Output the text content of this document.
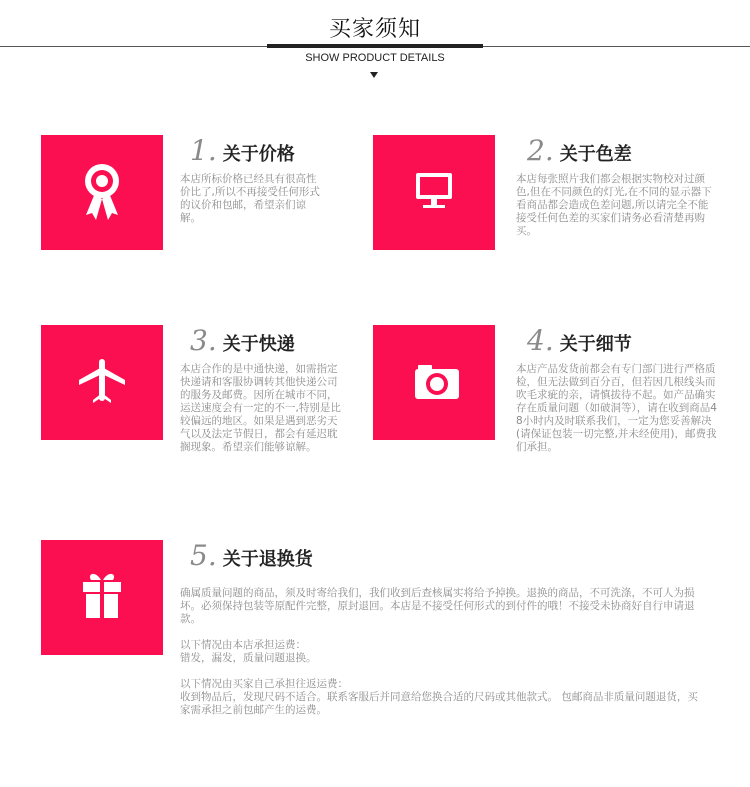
买家须知
SHOW PRODUCT DETAILS
1. 关于价格
本店所标价格已经具有很高性价比了,所以不再接受任何形式的议价和包邮，希望亲们谅解。
2. 关于色差
本店每张照片我们都会根据实物校对过颜色,但在不同颜色的灯光,在不同的显示器下看商品都会造成色差问题,所以请完全不能接受任何色差的买家们请务必看清楚再购买。
3. 关于快递
本店合作的是中通快递，如需指定快递请和客服协调转其他快递公司的服务及邮费。因所在城市不同，运送速度会有一定的不一,特别是比较偏远的地区。如果是遇到恶劣天气以及法定节假日，都会有延迟耽搁现象。希望亲们能够谅解。
4. 关于细节
本店产品发货前都会有专门部门进行严格质检，但无法做到百分百，但若因几根线头而吹毛求疵的亲，请慎拔待不起。如产品确实存在质量问题（如破洞等），请在收到商品48小时内及时联系我们，一定为您妥善解决(请保证包装一切完整,并未经使用)，邮费我们承担。
5. 关于退换货

确属质量问题的商品，须及时寄给我们，我们收到后查核属实将给予掉换。退换的商品，不可洗涤，不可人为损坏。必须保持包装等原配件完整，原封退回。本店是不接受任何形式的到付件的哦！不接受未协商好自行申请退款。

以下情况由本店承担运费：

错发，漏发，质量问题退换。

以下情况由买家自己承担往返运费：

收到物品后，发现尺码不适合。联系客服后并同意给您换合适的尺码或其他款式。 包邮商品非质量问题退货，买家需承担之前包邮产生的运费。
